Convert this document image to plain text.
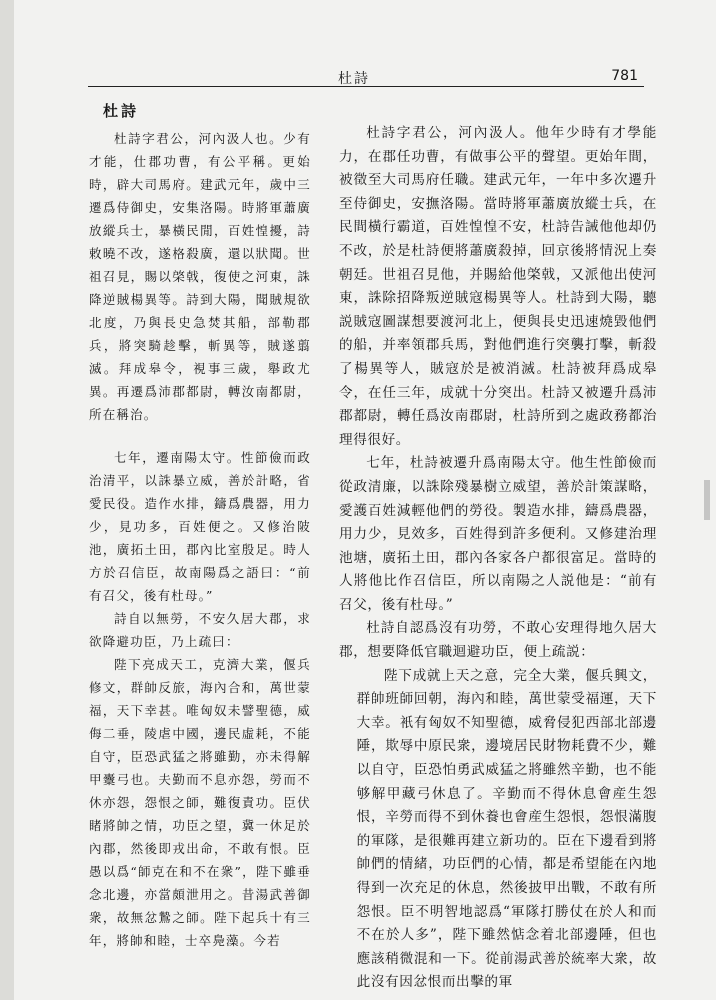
杜詩	781
杜詩

杜詩字君公，河內汲人也。少有才能，仕郡功曹，有公平稱。更始時，辟大司馬府。建武元年，歲中三遷爲侍御史，安集洛陽。時將軍蕭廣放縱兵士，暴橫民閒，百姓惶擾，詩敕曉不改，遂格殺廣，還以狀聞。世祖召見，賜以棨戟，復使之河東，誅降逆賊楊異等。詩到大陽，聞賊規欲北度，乃與長史急焚其船，部勒郡兵，將突騎趁擊，斬異等，賊遂翦滅。拜成皋令，視事三歲，舉政尤異。再遷爲沛郡都尉，轉汝南都尉，所在稱治。

七年，遷南陽太守。性節儉而政治清平，以誅暴立威，善於計略，省愛民役。造作水排，鑄爲農器，用力少，見功多，百姓便之。又修治陂池，廣拓土田，郡內比室殷足。時人方於召信臣，故南陽爲之語曰：“前有召父，後有杜母。”

詩自以無勞，不安久居大郡，求欲降避功臣，乃上疏曰：

陛下亮成天工，克濟大業，偃兵修文，群帥反旅，海內合和，萬世蒙福，天下幸甚。唯匈奴未譬聖德，威侮二垂，陵虐中國，邊民虛耗，不能自守，臣恐武猛之將雖勤，亦未得解甲櫜弓也。夫勤而不息亦怨，勞而不休亦怨，怨恨之師，難復責功。臣伏睹將帥之情，功臣之望，冀一休足於內郡，然後即戎出命，不敢有恨。臣愚以爲“師克在和不在衆”，陛下雖垂念北邊，亦當頗泄用之。昔湯武善御衆，故無忿鷙之師。陛下起兵十有三年，將帥和睦，士卒鳧藻。今若

杜詩字君公，河內汲人。他年少時有才學能力，在郡任功曹，有做事公平的聲望。更始年間，被徵至大司馬府任職。建武元年，一年中多次遷升至侍御史，安撫洛陽。當時將軍蕭廣放縱士兵，在民間橫行霸道，百姓惶惶不安，杜詩告誡他他却仍不改，於是杜詩便將蕭廣殺掉，回京後將情況上奏朝廷。世祖召見他，并賜給他棨戟，又派他出使河東，誅除招降叛逆賊寇楊異等人。杜詩到大陽，聽説賊寇圖謀想要渡河北上，便與長史迅速燒毀他們的船，并率領郡兵馬，對他們進行突襲打擊，斬殺了楊異等人，賊寇於是被消滅。杜詩被拜爲成皋令，在任三年，成就十分突出。杜詩又被遷升爲沛郡都尉，轉任爲汝南郡尉，杜詩所到之處政務都治理得很好。

七年，杜詩被遷升爲南陽太守。他生性節儉而從政清廉，以誅除殘暴樹立威望，善於計策謀略，愛護百姓減輕他們的勞役。製造水排，鑄爲農器，用力少，見效多，百姓得到許多便利。又修建治理池塘，廣拓土田，郡內各家各户都很富足。當時的人將他比作召信臣，所以南陽之人説他是：“前有召父，後有杜母。”

杜詩自認爲沒有功勞，不敢心安理得地久居大郡，想要降低官職迴避功臣，便上疏説：

陛下成就上天之意，完全大業，偃兵興文，群帥班師回朝，海內和睦，萬世蒙受福運，天下大幸。衹有匈奴不知聖德，威脅侵犯西部北部邊陲，欺辱中原民衆，邊境居民財物耗費不少，難以自守，臣恐怕勇武威猛之將雖然辛勤，也不能够解甲藏弓休息了。辛勤而不得休息會産生怨恨，辛勞而得不到休養也會産生怨恨，怨恨滿腹的軍隊，是很難再建立新功的。臣在下邊看到將帥們的情緒，功臣們的心情，都是希望能在內地得到一次充足的休息，然後披甲出戰，不敢有所怨恨。臣不明智地認爲“軍隊打勝仗在於人和而不在於人多”，陛下雖然惦念着北部邊陲，但也應該稍微混和一下。從前湯武善於統率大衆，故此沒有因忿恨而出擊的軍
